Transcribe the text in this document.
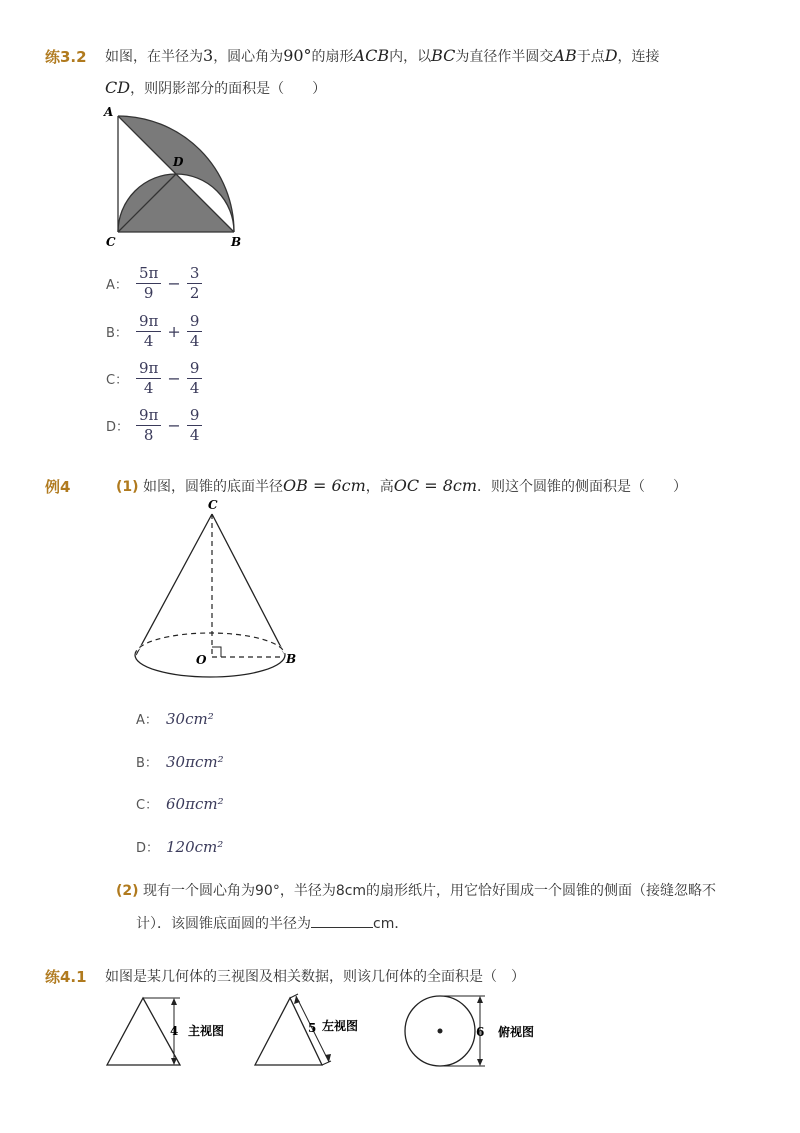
练3.2 如图，在半径为3，圆心角为90°的扇形ACB内，以BC为直径作半圆交AB于点D，连接
CD，则阴影部分的面积是（　　）
A
D
C	B
A： $\frac{5\pi}{9} - \frac{3}{2}$
B： $\frac{9\pi}{4} + \frac{9}{4}$
C： $\frac{9\pi}{4} - \frac{9}{4}$
D： $\frac{9\pi}{8} - \frac{9}{4}$
例4	(1) 如图，圆锥的底面半径OB = 6cm，高OC = 8cm．则这个圆锥的侧面积是（　　）
C
O	B
A： 30cm²
B： 30πcm²
C： 60πcm²
D： 120cm²
(2) 现有一个圆心角为90°，半径为8cm的扇形纸片，用它恰好围成一个圆锥的侧面（接缝忽略不
计）．该圆锥底面圆的半径为	cm．
练4.1 如图是某几何体的三视图及相关数据，则该几何体的全面积是（　）
4 主视图	5 左视图	6 俯视图
